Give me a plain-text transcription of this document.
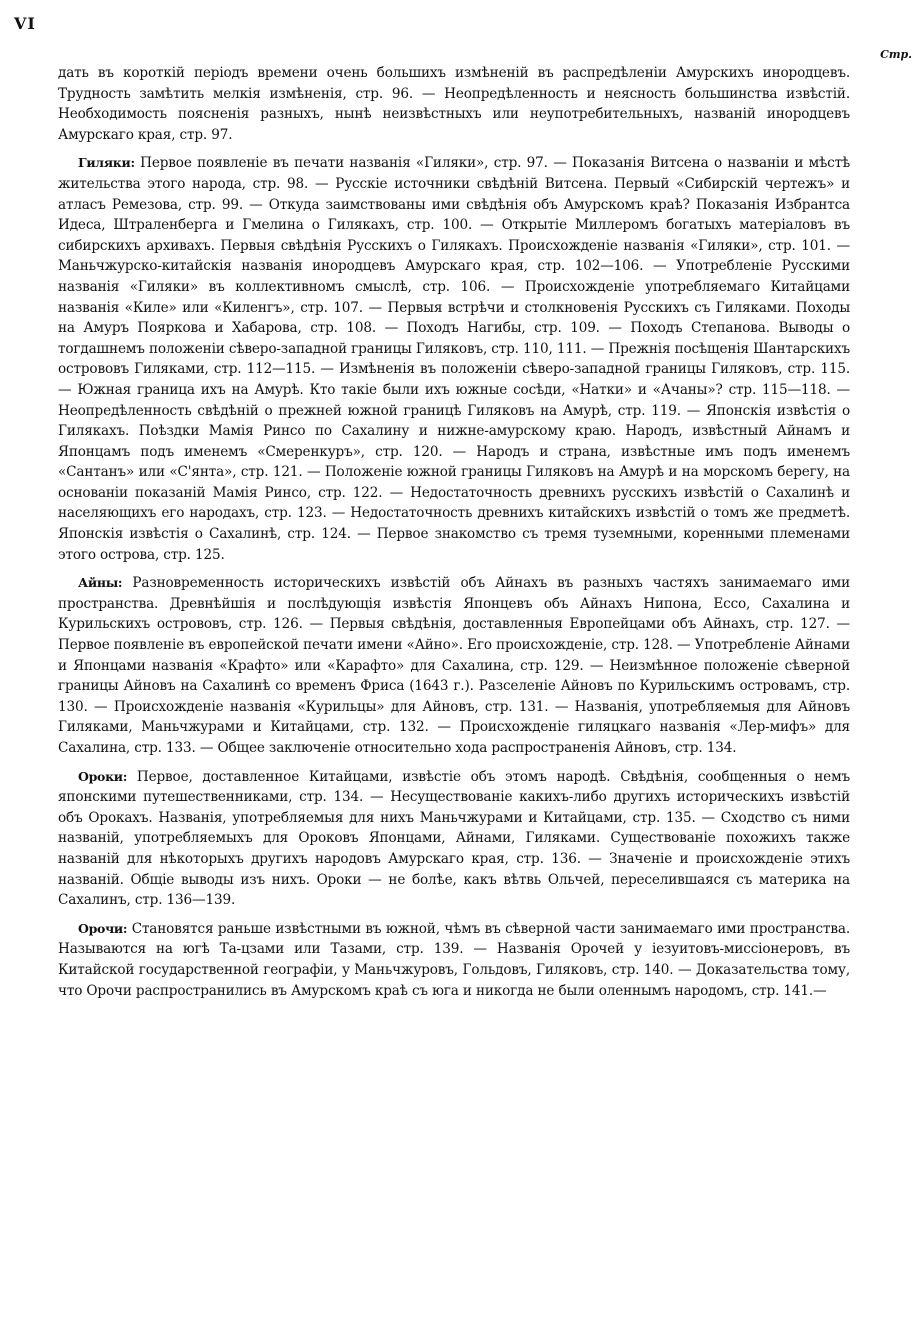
VI
Стр.

дать въ короткій періодъ времени очень большихъ измѣненій въ распредѣленіи Амурскихъ инородцевъ. Трудность замѣтить мелкія измѣненія, стр. 96. — Неопредѣленность и неясность большинства извѣстій. Необходимость поясненія разныхъ, нынѣ неизвѣстныхъ или неупотребительныхъ, названій инородцевъ Амурскаго края, стр. 97.

Гиляки: Первое появленіе въ печати названія «Гиляки», стр. 97. — Показанія Витсена о названіи и мѣстѣ жительства этого народа, стр. 98. — Русскіе источники свѣдѣній Витсена. Первый «Сибирскій чертежъ» и атласъ Ремезова, стр. 99. — Откуда заимствованы ими свѣдѣнія объ Амурскомъ краѣ? Показанія Избрантса Идеса, Штраленберга и Гмелина о Гилякахъ, стр. 100. — Открытіе Миллеромъ богатыхъ матеріаловъ въ сибирскихъ архивахъ. Первыя свѣдѣнія Русскихъ о Гилякахъ. Происхожденіе названія «Гиляки», стр. 101. — Маньчжурско-китайскія названія инородцевъ Амурскаго края, стр. 102—106. — Употребленіе Русскими названія «Гиляки» въ коллективномъ смыслѣ, стр. 106. — Происхожденіе употребляемаго Китайцами названія «Киле» или «Киленгъ», стр. 107. — Первыя встрѣчи и столкновенія Русскихъ съ Гиляками. Походы на Амуръ Пояркова и Хабарова, стр. 108. — Походъ Нагибы, стр. 109. — Походъ Степанова. Выводы о тогдашнемъ положеніи сѣверо-западной границы Гиляковъ, стр. 110, 111. — Прежнія посѣщенія Шантарскихъ острововъ Гиляками, стр. 112—115. — Измѣненія въ положеніи сѣверо-западной границы Гиляковъ, стр. 115. — Южная граница ихъ на Амурѣ. Кто такіе были ихъ южные сосѣди, «Натки» и «Ачаны»? стр. 115—118. — Неопредѣленность свѣдѣній о прежней южной границѣ Гиляковъ на Амурѣ, стр. 119. — Японскія извѣстія о Гилякахъ. Поѣздки Мамія Ринсо по Сахалину и нижне-амурскому краю. Народъ, извѣстный Айнамъ и Японцамъ подъ именемъ «Смеренкуръ», стр. 120. — Народъ и страна, извѣстные имъ подъ именемъ «Сантанъ» или «С'янта», стр. 121. — Положеніе южной границы Гиляковъ на Амурѣ и на морскомъ берегу, на основаніи показаній Мамія Ринсо, стр. 122. — Недостаточность древнихъ русскихъ извѣстій о Сахалинѣ и населяющихъ его народахъ, стр. 123. — Недостаточность древнихъ китайскихъ извѣстій о томъ же предметѣ. Японскія извѣстія о Сахалинѣ, стр. 124. — Первое знакомство съ тремя туземными, коренными племенами этого острова, стр. 125.

Айны: Разновременность историческихъ извѣстій объ Айнахъ въ разныхъ частяхъ занимаемаго ими пространства. Древнѣйшія и послѣдующія извѣстія Японцевъ объ Айнахъ Нипона, Ессо, Сахалина и Курильскихъ острововъ, стр. 126. — Первыя свѣдѣнія, доставленныя Европейцами объ Айнахъ, стр. 127. — Первое появленіе въ европейской печати имени «Айно». Его происхожденіе, стр. 128. — Употребленіе Айнами и Японцами названія «Крафто» или «Карафто» для Сахалина, стр. 129. — Неизмѣнное положеніе сѣверной границы Айновъ на Сахалинѣ со временъ Фриса (1643 г.). Разселеніе Айновъ по Курильскимъ островамъ, стр. 130. — Происхожденіе названія «Курильцы» для Айновъ, стр. 131. — Названія, употребляемыя для Айновъ Гиляками, Маньчжурами и Китайцами, стр. 132. — Происхожденіе гиляцкаго названія «Лер-мифъ» для Сахалина, стр. 133. — Общее заключеніе относительно хода распространенія Айновъ, стр. 134.

Ороки: Первое, доставленное Китайцами, извѣстіе объ этомъ народѣ. Свѣдѣнія, сообщенныя о немъ японскими путешественниками, стр. 134. — Несуществованіе какихъ-либо другихъ историческихъ извѣстій объ Орокахъ. Названія, употребляемыя для нихъ Маньчжурами и Китайцами, стр. 135. — Сходство съ ними названій, употребляемыхъ для Ороковъ Японцами, Айнами, Гиляками. Существованіе похожихъ также названій для нѣкоторыхъ другихъ народовъ Амурскаго края, стр. 136. — Значеніе и происхожденіе этихъ названій. Общіе выводы изъ нихъ. Ороки — не болѣе, какъ вѣтвь Ольчей, переселившаяся съ материка на Сахалинъ, стр. 136—139.

Орочи: Становятся раньше извѣстными въ южной, чѣмъ въ сѣверной части занимаемаго ими пространства. Называются на югѣ Та-цзами или Тазами, стр. 139. — Названія Орочей у іезуитовъ-миссіонеровъ, въ Китайской государственной географіи, у Маньчжуровъ, Гольдовъ, Гиляковъ, стр. 140. — Доказательства тому, что Орочи распространились въ Амурскомъ краѣ съ юга и никогда не были оленнымъ народомъ, стр. 141.—
